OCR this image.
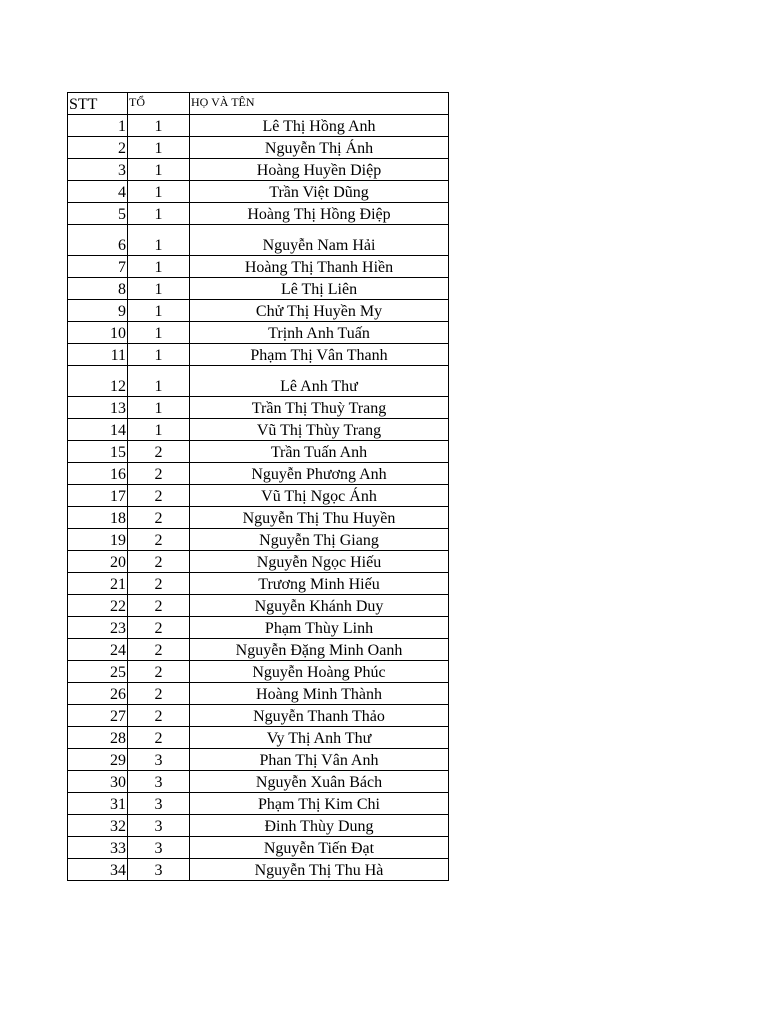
STT	TỔ	HỌ VÀ TÊN
1	1	Lê Thị Hồng Anh
2	1	Nguyễn Thị Ánh
3	1	Hoàng Huyền Diệp
4	1	Trần Việt Dũng
5	1	Hoàng Thị Hồng Điệp
6	1	Nguyễn Nam Hải
7	1	Hoàng Thị Thanh Hiền
8	1	Lê Thị Liên
9	1	Chử Thị Huyền My
10	1	Trịnh Anh Tuấn
11	1	Phạm Thị Vân Thanh
12	1	Lê Anh Thư
13	1	Trần Thị Thuỳ Trang
14	1	Vũ Thị Thùy Trang
15	2	Trần Tuấn Anh
16	2	Nguyễn Phương Anh
17	2	Vũ Thị Ngọc Ánh
18	2	Nguyễn Thị Thu Huyền
19	2	Nguyễn Thị Giang
20	2	Nguyễn Ngọc Hiếu
21	2	Trương Minh Hiếu
22	2	Nguyễn Khánh Duy
23	2	Phạm Thùy Linh
24	2	Nguyễn Đặng Minh Oanh
25	2	Nguyễn Hoàng Phúc
26	2	Hoàng Minh Thành
27	2	Nguyễn Thanh Thảo
28	2	Vy Thị Anh Thư
29	3	Phan Thị Vân Anh
30	3	Nguyễn Xuân Bách
31	3	Phạm Thị Kim Chi
32	3	Đinh Thùy Dung
33	3	Nguyễn Tiến Đạt
34	3	Nguyễn Thị Thu Hà
